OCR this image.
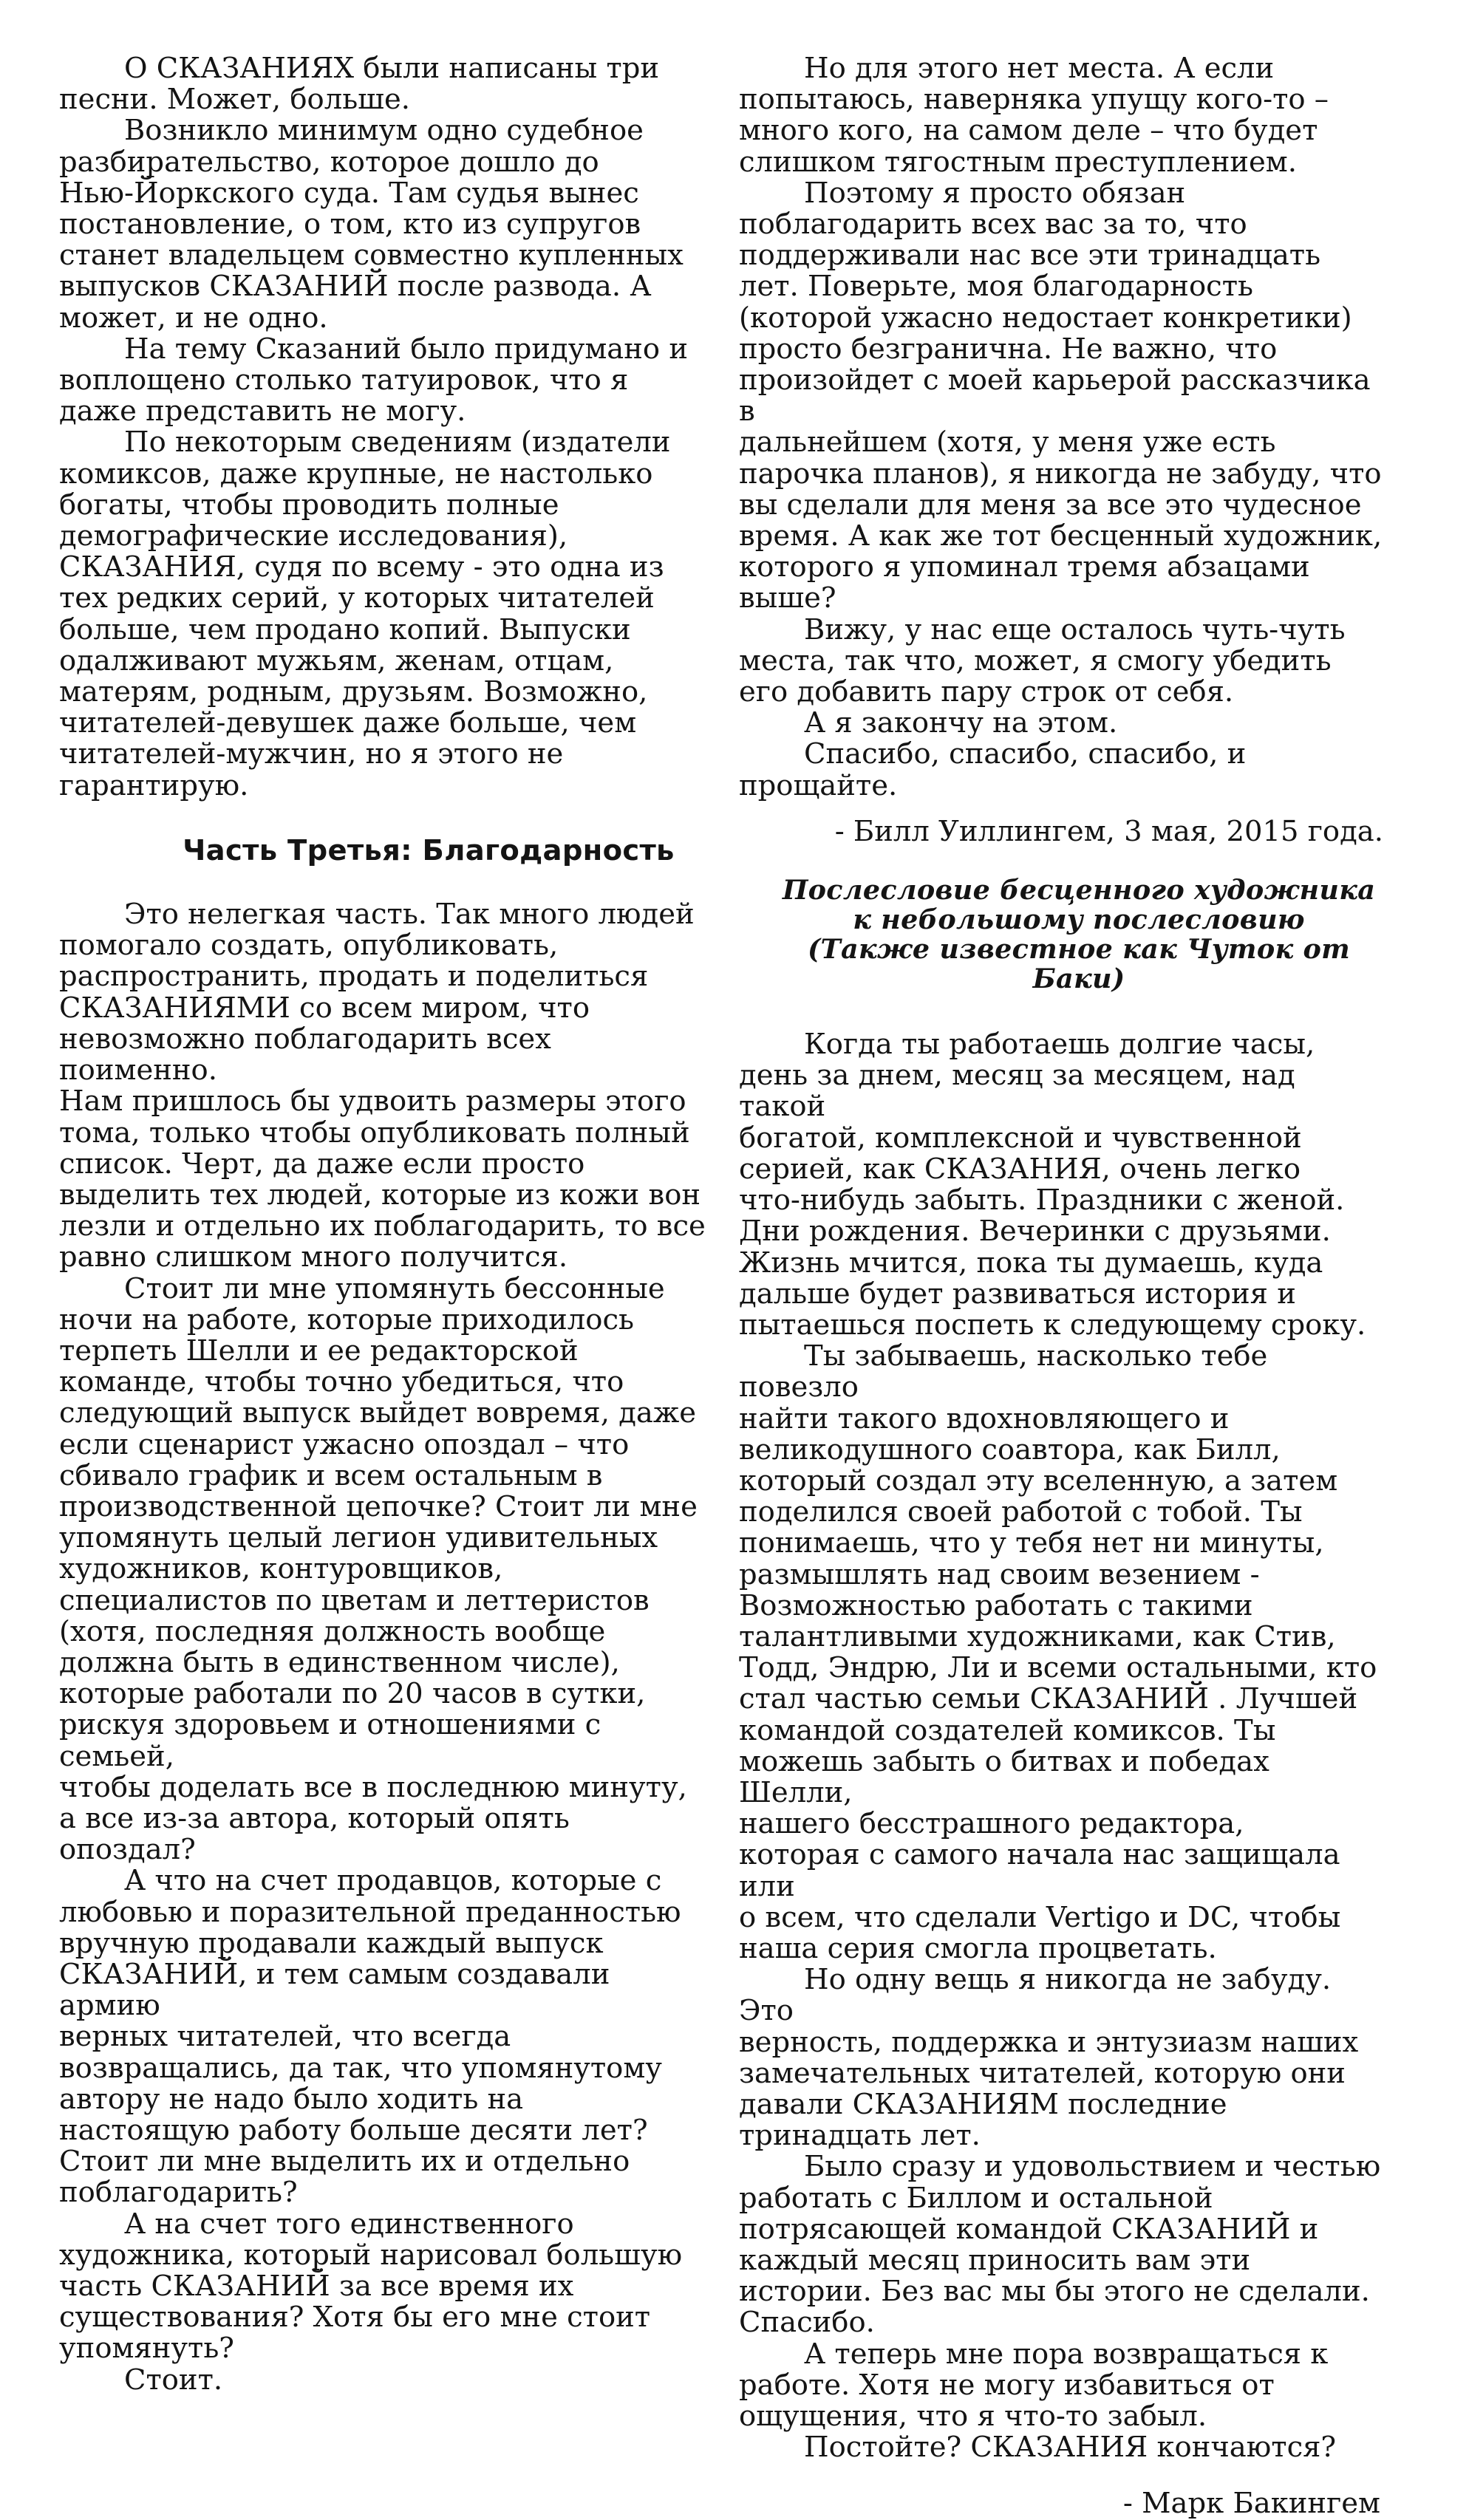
О СКАЗАНИЯХ были написаны три
песни. Может, больше.

Возникло минимум одно судебное
разбирательство, которое дошло до
Нью-Йоркского суда. Там судья вынес
постановление, о том, кто из супругов
станет владельцем совместно купленных
выпусков СКАЗАНИЙ после развода. А
может, и не одно.

На тему Сказаний было придумано и
воплощено столько татуировок, что я
даже представить не могу.

По некоторым сведениям (издатели
комиксов, даже крупные, не настолько
богаты, чтобы проводить полные
демографические исследования),
СКАЗАНИЯ, судя по всему - это одна из
тех редких серий, у которых читателей
больше, чем продано копий. Выпуски
одалживают мужьям, женам, отцам,
матерям, родным, друзьям. Возможно,
читателей-девушек даже больше, чем
читателей-мужчин, но я этого не
гарантирую.

Часть Третья: Благодарность

Это нелегкая часть. Так много людей
помогало создать, опубликовать,
распространить, продать и поделиться
СКАЗАНИЯМИ со всем миром, что
невозможно поблагодарить всех поименно.
Нам пришлось бы удвоить размеры этого
тома, только чтобы опубликовать полный
список. Черт, да даже если просто
выделить тех людей, которые из кожи вон
лезли и отдельно их поблагодарить, то все
равно слишком много получится.

Стоит ли мне упомянуть бессонные
ночи на работе, которые приходилось
терпеть Шелли и ее редакторской
команде, чтобы точно убедиться, что
следующий выпуск выйдет вовремя, даже
если сценарист ужасно опоздал – что
сбивало график и всем остальным в
производственной цепочке? Стоит ли мне
упомянуть целый легион удивительных
художников, контуровщиков,
специалистов по цветам и леттеристов
(хотя, последняя должность вообще
должна быть в единственном числе),
которые работали по 20 часов в сутки,
рискуя здоровьем и отношениями с семьей,
чтобы доделать все в последнюю минуту,
а все из-за автора, который опять
опоздал?

А что на счет продавцов, которые с
любовью и поразительной преданностью
вручную продавали каждый выпуск
СКАЗАНИЙ, и тем самым создавали армию
верных читателей, что всегда
возвращались, да так, что упомянутому
автору не надо было ходить на
настоящую работу больше десяти лет?
Стоит ли мне выделить их и отдельно
поблагодарить?

А на счет того единственного
художника, который нарисовал большую
часть СКАЗАНИЙ за все время их
существования? Хотя бы его мне стоит
упомянуть?

Стоит.

Но для этого нет места. А если
попытаюсь, наверняка упущу кого-то –
много кого, на самом деле – что будет
слишком тягостным преступлением.

Поэтому я просто обязан
поблагодарить всех вас за то, что
поддерживали нас все эти тринадцать
лет. Поверьте, моя благодарность
(которой ужасно недостает конкретики)
просто безгранична. Не важно, что
произойдет с моей карьерой рассказчика в
дальнейшем (хотя, у меня уже есть
парочка планов), я никогда не забуду, что
вы сделали для меня за все это чудесное
время. А как же тот бесценный художник,
которого я упоминал тремя абзацами
выше?

Вижу, у нас еще осталось чуть-чуть
места, так что, может, я смогу убедить
его добавить пару строк от себя.

А я закончу на этом.

Спасибо, спасибо, спасибо, и
прощайте.

- Билл Уиллингем, 3 мая, 2015 года.
Послесловие бесценного художника
к небольшому послесловию
(Также известное как Чуток от Баки)

Когда ты работаешь долгие часы,
день за днем, месяц за месяцем, над такой
богатой, комплексной и чувственной
серией, как СКАЗАНИЯ, очень легко
что-нибудь забыть. Праздники с женой.
Дни рождения. Вечеринки с друзьями.
Жизнь мчится, пока ты думаешь, куда
дальше будет развиваться история и
пытаешься поспеть к следующему сроку.

Ты забываешь, насколько тебе повезло
найти такого вдохновляющего и
великодушного соавтора, как Билл,
который создал эту вселенную, а затем
поделился своей работой с тобой. Ты
понимаешь, что у тебя нет ни минуты,
размышлять над своим везением -
Возможностью работать с такими
талантливыми художниками, как Стив,
Тодд, Эндрю, Ли и всеми остальными, кто
стал частью семьи СКАЗАНИЙ . Лучшей
командой создателей комиксов. Ты
можешь забыть о битвах и победах Шелли,
нашего бесстрашного редактора,
которая с самого начала нас защищала или
о всем, что сделали Vertigo и DC, чтобы
наша серия смогла процветать.

Но одну вещь я никогда не забуду. Это
верность, поддержка и энтузиазм наших
замечательных читателей, которую они
давали СКАЗАНИЯМ последние
тринадцать лет.

Было сразу и удовольствием и честью
работать с Биллом и остальной
потрясающей командой СКАЗАНИЙ и
каждый месяц приносить вам эти
истории. Без вас мы бы этого не сделали.
Спасибо.

А теперь мне пора возвращаться к
работе. Хотя не могу избавиться от
ощущения, что я что-то забыл.

Постойте? СКАЗАНИЯ кончаются?

- Марк Бакингем
